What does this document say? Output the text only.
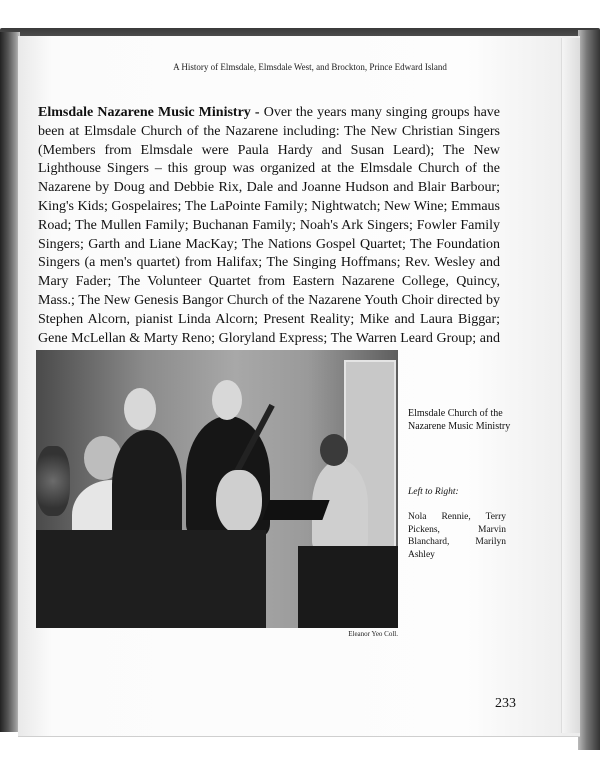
A History of Elmsdale, Elmsdale West, and Brockton, Prince Edward Island
Elmsdale Nazarene Music Ministry - Over the years many singing groups have been at Elmsdale Church of the Nazarene including: The New Christian Singers (Members from Elmsdale were Paula Hardy and Susan Leard); The New Lighthouse Singers – this group was organized at the Elmsdale Church of the Nazarene by Doug and Debbie Rix, Dale and Joanne Hudson and Blair Barbour; King's Kids; Gospelaires; The LaPointe Family; Nightwatch; New Wine; Emmaus Road; The Mullen Family; Buchanan Family; Noah's Ark Singers; Fowler Family Singers; Garth and Liane MacKay; The Nations Gospel Quartet; The Foundation Singers (a men's quartet) from Halifax; The Singing Hoffmans; Rev. Wesley and Mary Fader; The Volunteer Quartet from Eastern Nazarene College, Quincy, Mass.; The New Genesis Bangor Church of the Nazarene Youth Choir directed by Stephen Alcorn, pianist Linda Alcorn; Present Reality; Mike and Laura Biggar; Gene McLellan & Marty Reno; Gloryland Express; The Warren Leard Group; and
Eleanor Yeo Coll.
Elmsdale Church of the Nazarene Music Ministry
Left to Right:
Nola Rennie, Terry Pickens, Marvin Blanchard, Marilyn Ashley
233
